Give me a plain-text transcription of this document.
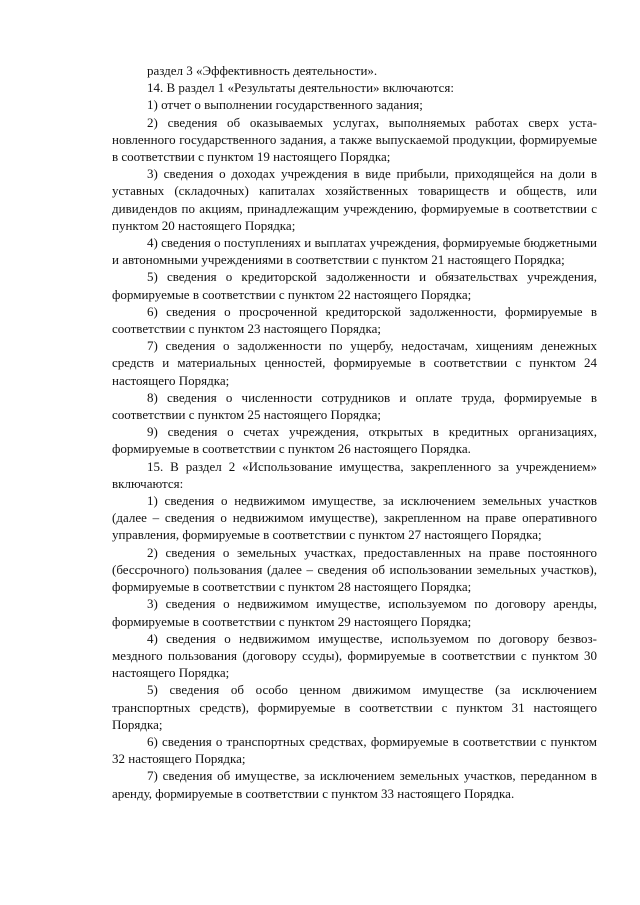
раздел 3 «Эффективность деятельности».

14. В раздел 1 «Результаты деятельности» включаются:

1) отчет о выполнении государственного задания;

2) сведения об оказываемых услугах, выполняемых работах сверх установленного государственного задания, а также выпускаемой продукции, формируемые в соответствии с пунктом 19 настоящего Порядка;

3) сведения о доходах учреждения в виде прибыли, приходящейся на доли в уставных (складочных) капиталах хозяйственных товариществ и обществ, или дивидендов по акциям, принадлежащим учреждению, формируемые в соответствии с пунктом 20 настоящего Порядка;

4) сведения о поступлениях и выплатах учреждения, формируемые бюджетными и автономными учреждениями в соответствии с пунктом 21 настоящего Порядка;

5) сведения о кредиторской задолженности и обязательствах учреждения, формируемые в соответствии с пунктом 22 настоящего Порядка;

6) сведения о просроченной кредиторской задолженности, формируемые в соответствии с пунктом 23 настоящего Порядка;

7) сведения о задолженности по ущербу, недостачам, хищениям денежных средств и материальных ценностей, формируемые в соответствии с пунктом 24 настоящего Порядка;

8) сведения о численности сотрудников и оплате труда, формируемые в соответствии с пунктом 25 настоящего Порядка;

9) сведения о счетах учреждения, открытых в кредитных организациях, формируемые в соответствии с пунктом 26 настоящего Порядка.

15. В раздел 2 «Использование имущества, закрепленного за учреждением» включаются:

1) сведения о недвижимом имуществе, за исключением земельных участков (далее – сведения о недвижимом имуществе), закрепленном на праве оперативного управления, формируемые в соответствии с пунктом 27 настоящего Порядка;

2) сведения о земельных участках, предоставленных на праве постоянного (бессрочного) пользования (далее – сведения об использовании земельных участков), формируемые в соответствии с пунктом 28 настоящего Порядка;

3) сведения о недвижимом имуществе, используемом по договору аренды, формируемые в соответствии с пунктом 29 настоящего Порядка;

4) сведения о недвижимом имуществе, используемом по договору безвозмездного пользования (договору ссуды), формируемые в соответствии с пунктом 30 настоящего Порядка;

5) сведения об особо ценном движимом имуществе (за исключением транспортных средств), формируемые в соответствии с пунктом 31 настоящего Порядка;

6) сведения о транспортных средствах, формируемые в соответствии с пунктом 32 настоящего Порядка;

7) сведения об имуществе, за исключением земельных участков, переданном в аренду, формируемые в соответствии с пунктом 33 настоящего Порядка.
